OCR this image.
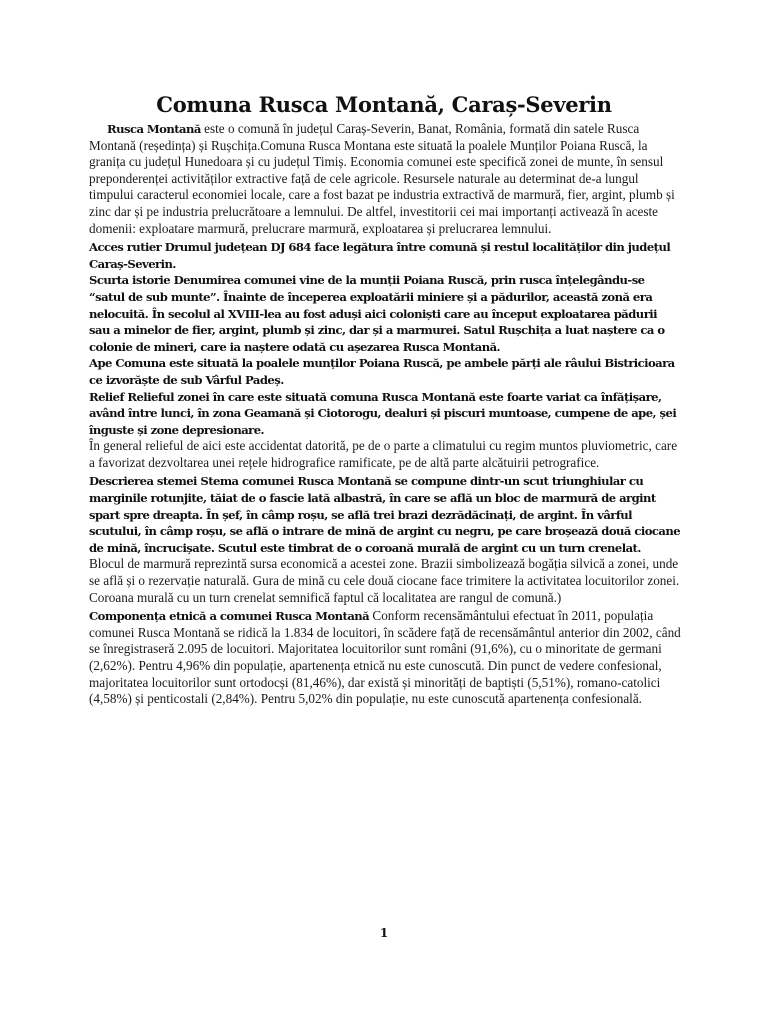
Comuna Rusca Montană, Caraș-Severin

Rusca Montană este o comună în județul Caraș-Severin, Banat, România, formată din satele Rusca Montană (reședința) și Rușchița.Comuna Rusca Montana este situată la poalele Munților Poiana Ruscă, la granița cu județul Hunedoara și cu județul Timiș. Economia comunei este specifică zonei de munte, în sensul preponderenței activităților extractive față de cele agricole. Resursele naturale au determinat de-a lungul timpului caracterul economiei locale, care a fost bazat pe industria extractivă de marmură, fier, argint, plumb și zinc dar și pe industria prelucrătoare a lemnului. De altfel, investitorii cei mai importanți activează în aceste domenii: exploatare marmură, prelucrare marmură, exploatarea și prelucrarea lemnului.

Acces rutier Drumul județean DJ 684 face legătura între comună și restul localităților din județul Caraș-Severin.

Scurta istorie Denumirea comunei vine de la munții Poiana Ruscă, prin rusca înțelegându-se “satul de sub munte”. Înainte de începerea exploatării miniere și a pădurilor, această zonă era nelocuită. În secolul al XVIII-lea au fost aduși aici coloniști care au început exploatarea pădurii sau a minelor de fier, argint, plumb și zinc, dar și a marmurei. Satul Rușchița a luat naștere ca o colonie de mineri, care ia naștere odată cu așezarea Rusca Montană.

Ape Comuna este situată la poalele munților Poiana Ruscă, pe ambele părți ale râului Bistricioara ce izvorăște de sub Vârful Padeș.

Relief Relieful zonei în care este situată comuna Rusca Montană este foarte variat ca înfățișare, având între lunci, în zona Geamană și Ciotorogu, dealuri și piscuri muntoase, cumpene de ape, șei înguste și zone depresionare.

În general relieful de aici este accidentat datorită, pe de o parte a climatului cu regim muntos pluviometric, care a favorizat dezvoltarea unei rețele hidrografice ramificate, pe de altă parte alcătuirii petrografice.

Descrierea stemei Stema comunei Rusca Montană se compune dintr-un scut triunghiular cu marginile rotunjite, tăiat de o fascie lată albastră, în care se află un bloc de marmură de argint spart spre dreapta. În șef, în câmp roșu, se află trei brazi dezrădăcinați, de argint. În vârful scutului, în câmp roșu, se află o intrare de mină de argint cu negru, pe care broșează două ciocane de mină, încrucișate. Scutul este timbrat de o coroană murală de argint cu un turn crenelat.

Blocul de marmură reprezintă sursa economică a acestei zone. Brazii simbolizează bogăția silvică a zonei, unde se află și o rezervație naturală. Gura de mină cu cele două ciocane face trimitere la activitatea locuitorilor zonei. Coroana murală cu un turn crenelat semnifică faptul că localitatea are rangul de comună.)

Componența etnică a comunei Rusca Montană Conform recensământului efectuat în 2011, populația comunei Rusca Montană se ridică la 1.834 de locuitori, în scădere față de recensământul anterior din 2002, când se înregistraseră 2.095 de locuitori. Majoritatea locuitorilor sunt români (91,6%), cu o minoritate de germani (2,62%). Pentru 4,96% din populație, apartenența etnică nu este cunoscută. Din punct de vedere confesional, majoritatea locuitorilor sunt ortodocși (81,46%), dar există și minorități de baptiști (5,51%), romano-catolici (4,58%) și penticostali (2,84%). Pentru 5,02% din populație, nu este cunoscută apartenența confesională.

1
